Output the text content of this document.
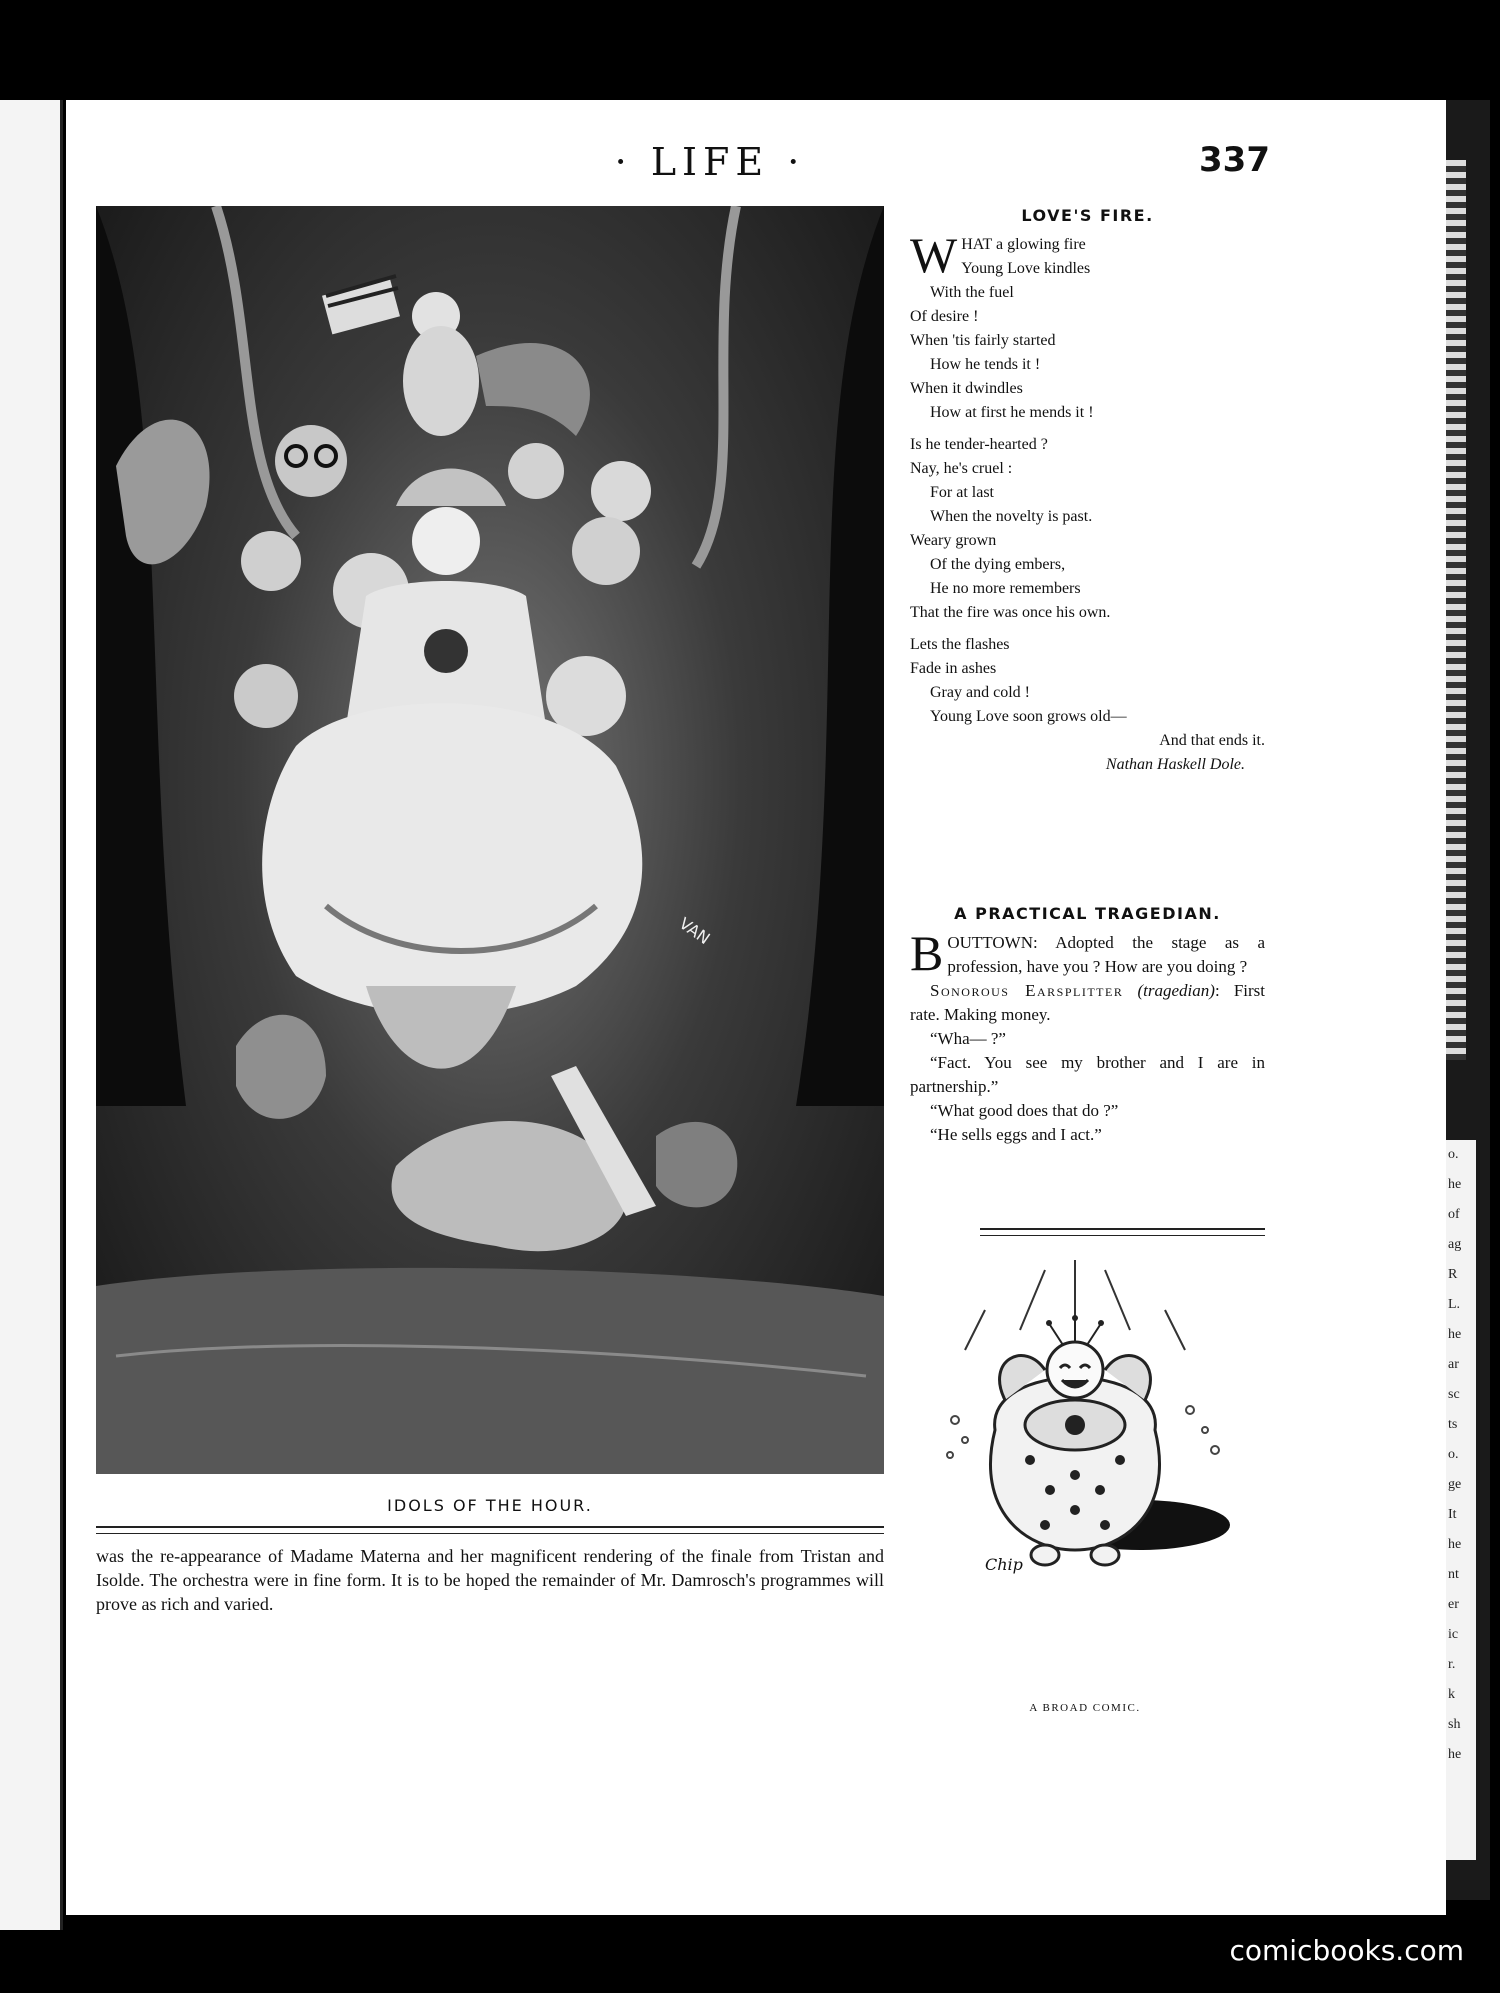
o.
he
of
ag
R
L.
he
ar
sc
ts
o.
ge
It
he
nt
er
ic
r.
k
sh
he
· LIFE ·	337
VAN
IDOLS OF THE HOUR.
was the re-appearance of Madame Materna and her magnificent rendering of the finale from Tristan and Isolde. The orchestra were in fine form. It is to be hoped the remainder of Mr. Damrosch's programmes will prove as rich and varied.

LOVE'S FIRE.

W HAT a glowing fire
Young Love kindles
With the fuel
Of desire !
When 'tis fairly started
How he tends it !
When it dwindles
How at first he mends it !
Is he tender-hearted ?
Nay, he's cruel :
For at last
When the novelty is past.
Weary grown
Of the dying embers,
He no more remembers
That the fire was once his own.
Lets the flashes
Fade in ashes
Gray and cold !
Young Love soon grows old—
And that ends it.
Nathan Haskell Dole.

A PRACTICAL TRAGEDIAN.

B OUTTOWN: Adopted the stage as a profession, have you ? How are you doing ?
Sonorous Earsplitter (tragedian): First rate. Making money.
“Wha— ?”
“Fact. You see my brother and I are in partnership.”
“What good does that do ?”
“He sells eggs and I act.”
Chip
A BROAD COMIC.
comicbooks.com
